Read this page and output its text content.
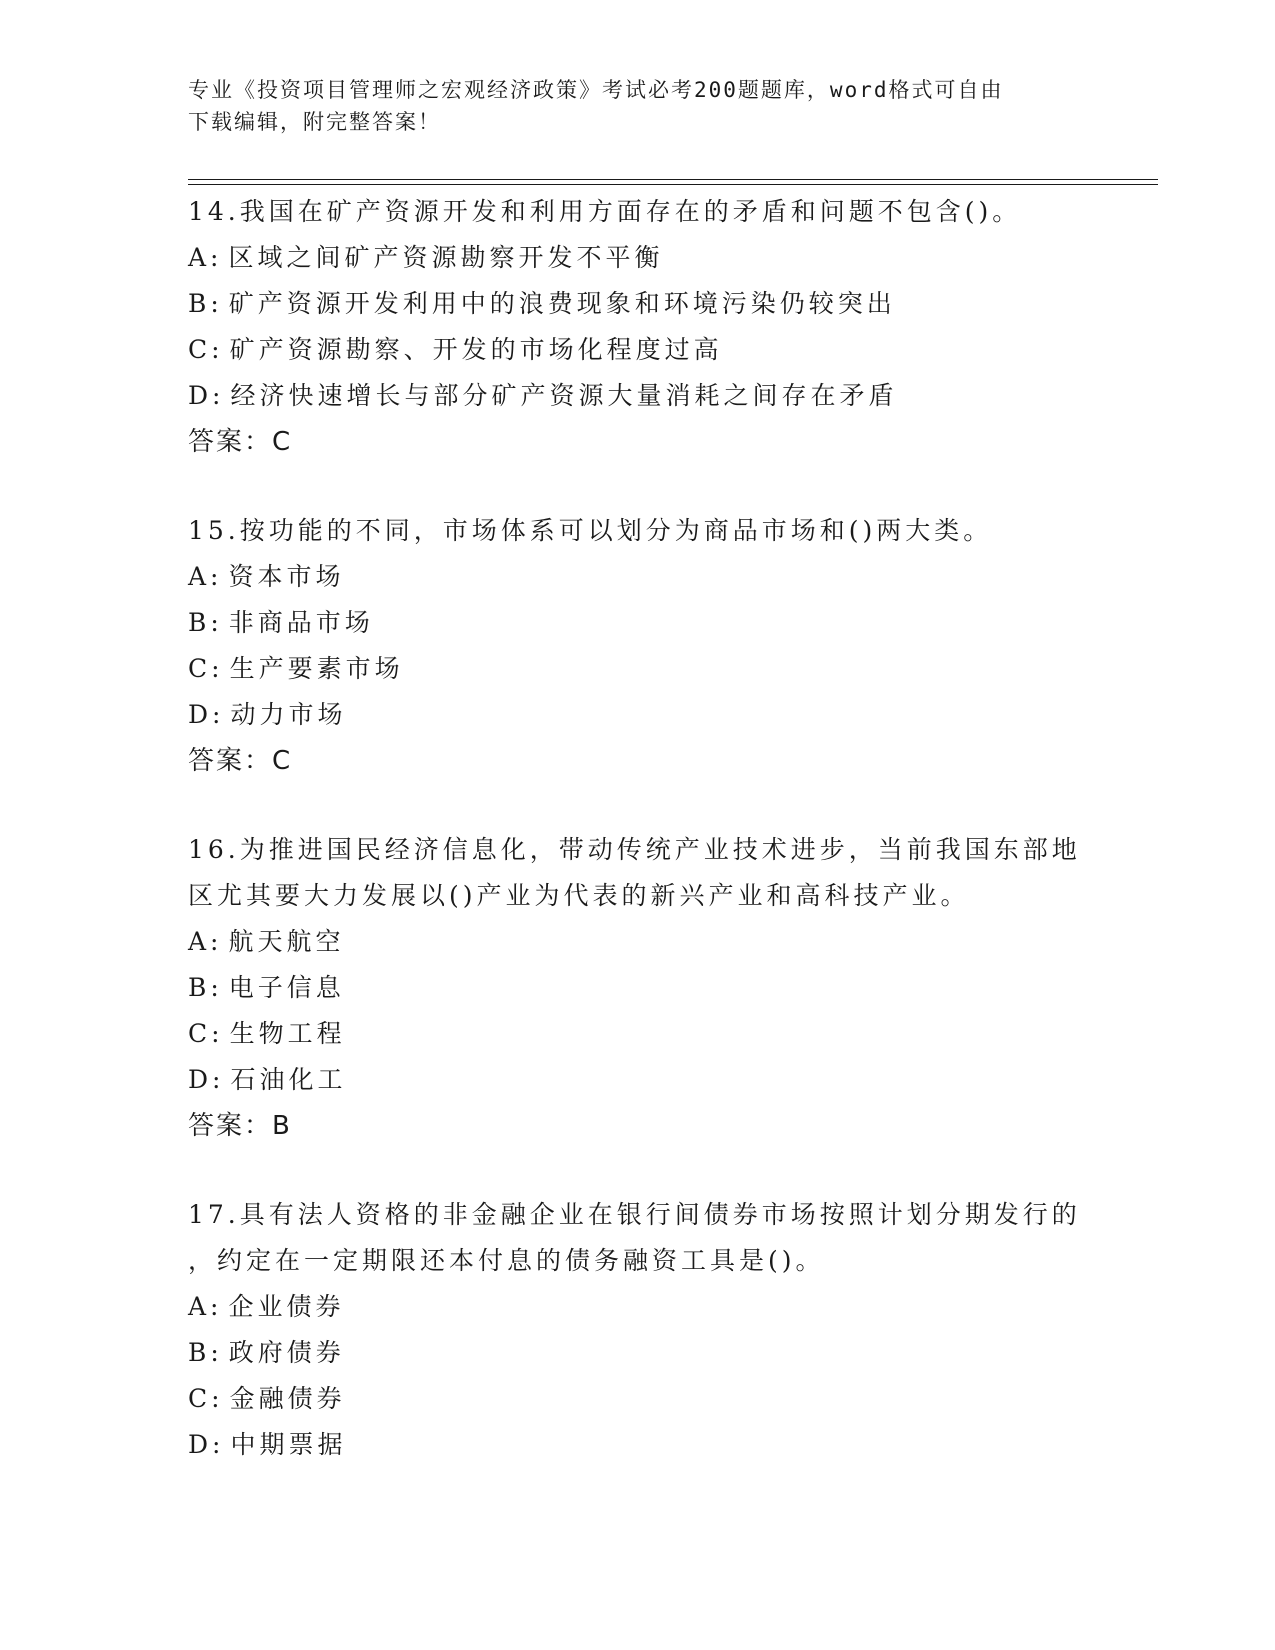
专业《投资项目管理师之宏观经济政策》考试必考200题题库，word格式可自由
下载编辑，附完整答案！
14.我国在矿产资源开发和利用方面存在的矛盾和问题不包含()。
A: 区域之间矿产资源勘察开发不平衡
B: 矿产资源开发利用中的浪费现象和环境污染仍较突出
C: 矿产资源勘察、开发的市场化程度过高
D: 经济快速增长与部分矿产资源大量消耗之间存在矛盾
答案：C
15.按功能的不同，市场体系可以划分为商品市场和()两大类。
A: 资本市场
B: 非商品市场
C: 生产要素市场
D: 动力市场
答案：C
16.为推进国民经济信息化，带动传统产业技术进步，当前我国东部地
区尤其要大力发展以()产业为代表的新兴产业和高科技产业。
A: 航天航空
B: 电子信息
C: 生物工程
D: 石油化工
答案：B
17.具有法人资格的非金融企业在银行间债券市场按照计划分期发行的
，约定在一定期限还本付息的债务融资工具是()。
A: 企业债券
B: 政府债券
C: 金融债券
D: 中期票据
